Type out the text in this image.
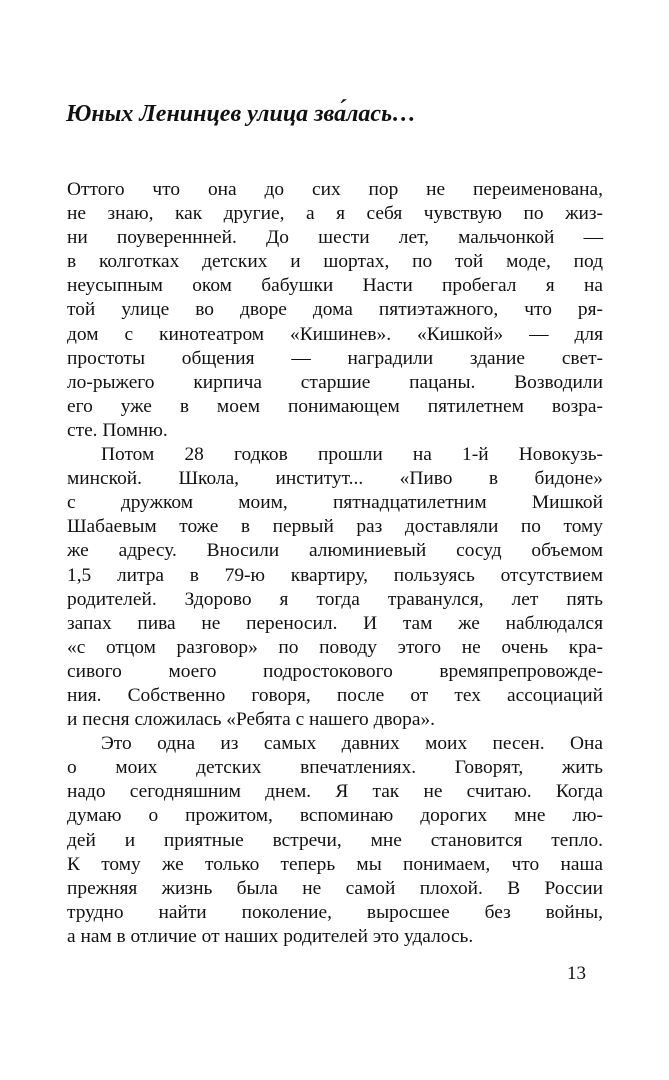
Юных Ленинцев улица зва́лась…
Оттого что она до сих пор не переименована,
не знаю, как другие, а я себя чувствую по жиз-
ни поувереннней. До шести лет, мальчонкой —
в колготках детских и шортах, по той моде, под
неусыпным оком бабушки Насти пробегал я на
той улице во дворе дома пятиэтажного, что ря-
дом с кинотеатром «Кишинев». «Кишкой» — для
простоты общения — наградили здание свет-
ло-рыжего кирпича старшие пацаны. Возводили
его уже в моем понимающем пятилетнем возра-
сте. Помню.
Потом 28 годков прошли на 1-й Новокузь-
минской. Школа, институт... «Пиво в бидоне»
с дружком моим, пятнадцатилетним Мишкой
Шабаевым тоже в первый раз доставляли по тому
же адресу. Вносили алюминиевый сосуд объемом
1,5 литра в 79-ю квартиру, пользуясь отсутствием
родителей. Здорово я тогда траванулся, лет пять
запах пива не переносил. И там же наблюдался
«с отцом разговор» по поводу этого не очень кра-
сивого моего подростокового времяпрепровожде-
ния. Собственно говоря, после от тех ассоциаций
и песня сложилась «Ребята с нашего двора».
Это одна из самых давних моих песен. Она
о моих детских впечатлениях. Говорят, жить
надо сегодняшним днем. Я так не считаю. Когда
думаю о прожитом, вспоминаю дорогих мне лю-
дей и приятные встречи, мне становится тепло.
К тому же только теперь мы понимаем, что наша
прежняя жизнь была не самой плохой. В России
трудно найти поколение, выросшее без войны,
а нам в отличие от наших родителей это удалось.
13
